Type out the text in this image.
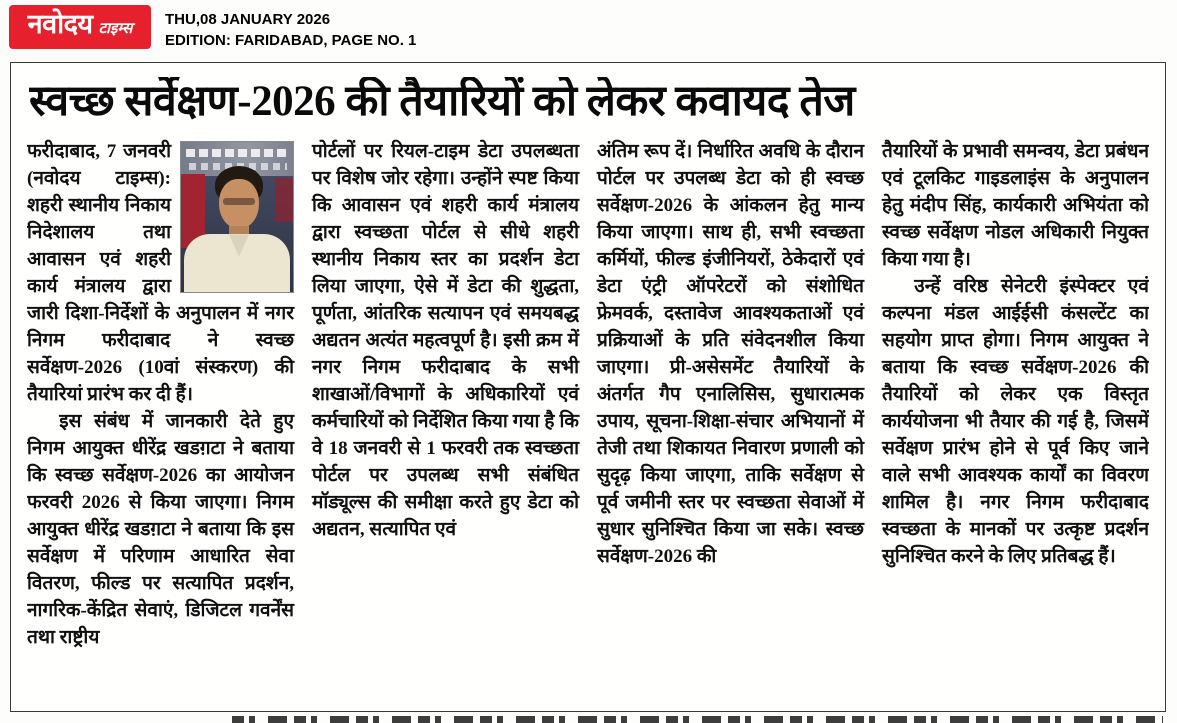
नवोदय टाइम्स
THU,08 JANUARY 2026
EDITION: FARIDABAD, PAGE NO. 1
स्वच्छ सर्वेक्षण-2026 की तैयारियों को लेकर कवायद तेज

फरीदाबाद, 7 जनवरी (नवोदय टाइम्स): शहरी स्थानीय निकाय निदेशालय तथा आवासन एवं शहरी कार्य मंत्रालय द्वारा जारी दिशा-निर्देशों के अनुपालन में नगर निगम फरीदाबाद ने स्वच्छ सर्वेक्षण-2026 (10वां संस्करण) की तैयारियां प्रारंभ कर दी हैं।

इस संबंध में जानकारी देते हुए निगम आयुक्त धीरेंद्र खडग़टा ने बताया कि स्वच्छ सर्वेक्षण-2026 का आयोजन फरवरी 2026 से किया जाएगा। निगम आयुक्त धीरेंद्र खडग़टा ने बताया कि इस सर्वेक्षण में परिणाम आधारित सेवा वितरण, फील्ड पर सत्यापित प्रदर्शन, नागरिक-केंद्रित सेवाएं, डिजिटल गवर्नेंस तथा राष्ट्रीय

पोर्टलों पर रियल-टाइम डेटा उपलब्धता पर विशेष जोर रहेगा। उन्होंने स्पष्ट किया कि आवासन एवं शहरी कार्य मंत्रालय द्वारा स्वच्छता पोर्टल से सीधे शहरी स्थानीय निकाय स्तर का प्रदर्शन डेटा लिया जाएगा, ऐसे में डेटा की शुद्धता, पूर्णता, आंतरिक सत्यापन एवं समयबद्ध अद्यतन अत्यंत महत्वपूर्ण है। इसी क्रम में नगर निगम फरीदाबाद के सभी शाखाओं/विभागों के अधिकारियों एवं कर्मचारियों को निर्देशित किया गया है कि वे 18 जनवरी से 1 फरवरी तक स्वच्छता पोर्टल पर उपलब्ध सभी संबंधित मॉड्यूल्स की समीक्षा करते हुए डेटा को अद्यतन, सत्यापित एवं

अंतिम रूप दें। निर्धारित अवधि के दौरान पोर्टल पर उपलब्ध डेटा को ही स्वच्छ सर्वेक्षण-2026 के आंकलन हेतु मान्य किया जाएगा। साथ ही, सभी स्वच्छता कर्मियों, फील्ड इंजीनियरों, ठेकेदारों एवं डेटा एंट्री ऑपरेटरों को संशोधित फ्रेमवर्क, दस्तावेज आवश्यकताओं एवं प्रक्रियाओं के प्रति संवेदनशील किया जाएगा। प्री-असेसमेंट तैयारियों के अंतर्गत गैप एनालिसिस, सुधारात्मक उपाय, सूचना-शिक्षा-संचार अभियानों में तेजी तथा शिकायत निवारण प्रणाली को सुदृढ़ किया जाएगा, ताकि सर्वेक्षण से पूर्व जमीनी स्तर पर स्वच्छता सेवाओं में सुधार सुनिश्चित किया जा सके। स्वच्छ सर्वेक्षण-2026 की

तैयारियों के प्रभावी समन्वय, डेटा प्रबंधन एवं टूलकिट गाइडलाइंस के अनुपालन हेतु मंदीप सिंह, कार्यकारी अभियंता को स्वच्छ सर्वेक्षण नोडल अधिकारी नियुक्त किया गया है।

उन्हें वरिष्ठ सेनेटरी इंस्पेक्टर एवं कल्पना मंडल आईईसी कंसल्टेंट का सहयोग प्राप्त होगा। निगम आयुक्त ने बताया कि स्वच्छ सर्वेक्षण-2026 की तैयारियों को लेकर एक विस्तृत कार्ययोजना भी तैयार की गई है, जिसमें सर्वेक्षण प्रारंभ होने से पूर्व किए जाने वाले सभी आवश्यक कार्यों का विवरण शामिल है। नगर निगम फरीदाबाद स्वच्छता के मानकों पर उत्कृष्ट प्रदर्शन सुनिश्चित करने के लिए प्रतिबद्ध हैं।
